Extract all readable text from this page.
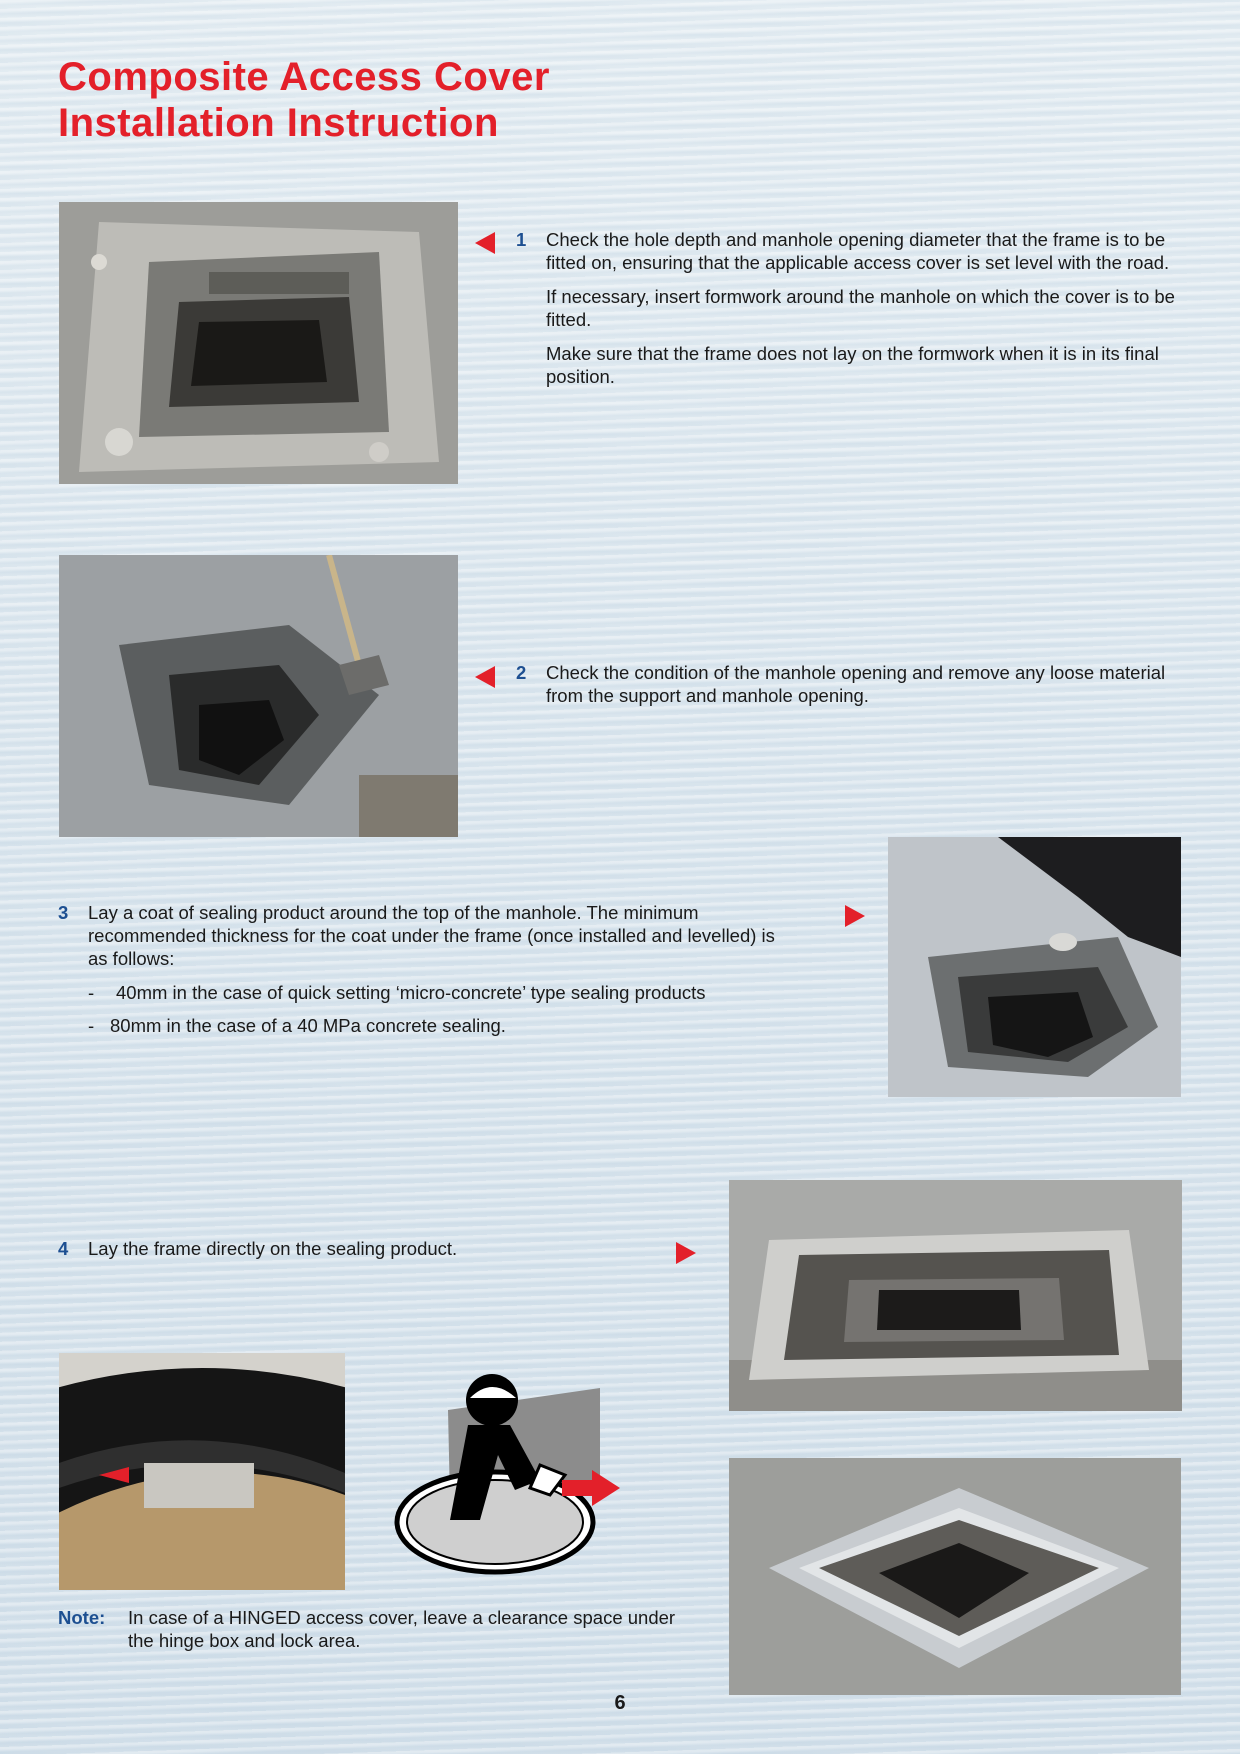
Composite Access Cover
Installation Instruction
1 Check the hole depth and manhole opening diameter that the frame is to be fitted on, ensuring that the applicable access cover is set level with the road.

If necessary, insert formwork around the manhole on which the cover is to be fitted.

Make sure that the frame does not lay on the formwork when it is in its final position.

2 Check the condition of the manhole opening and remove any loose material from the support and manhole opening.

3 Lay a coat of sealing product around the top of the manhole. The minimum recommended thickness for the coat under the frame (once installed and levelled) is as follows:

- 40mm in the case of quick setting ‘micro-concrete’ type sealing products
- 80mm in the case of a 40 MPa concrete sealing.
4 Lay the frame directly on the sealing product.

Note: In case of a HINGED access cover, leave a clearance space under the hinge box and lock area.
6
